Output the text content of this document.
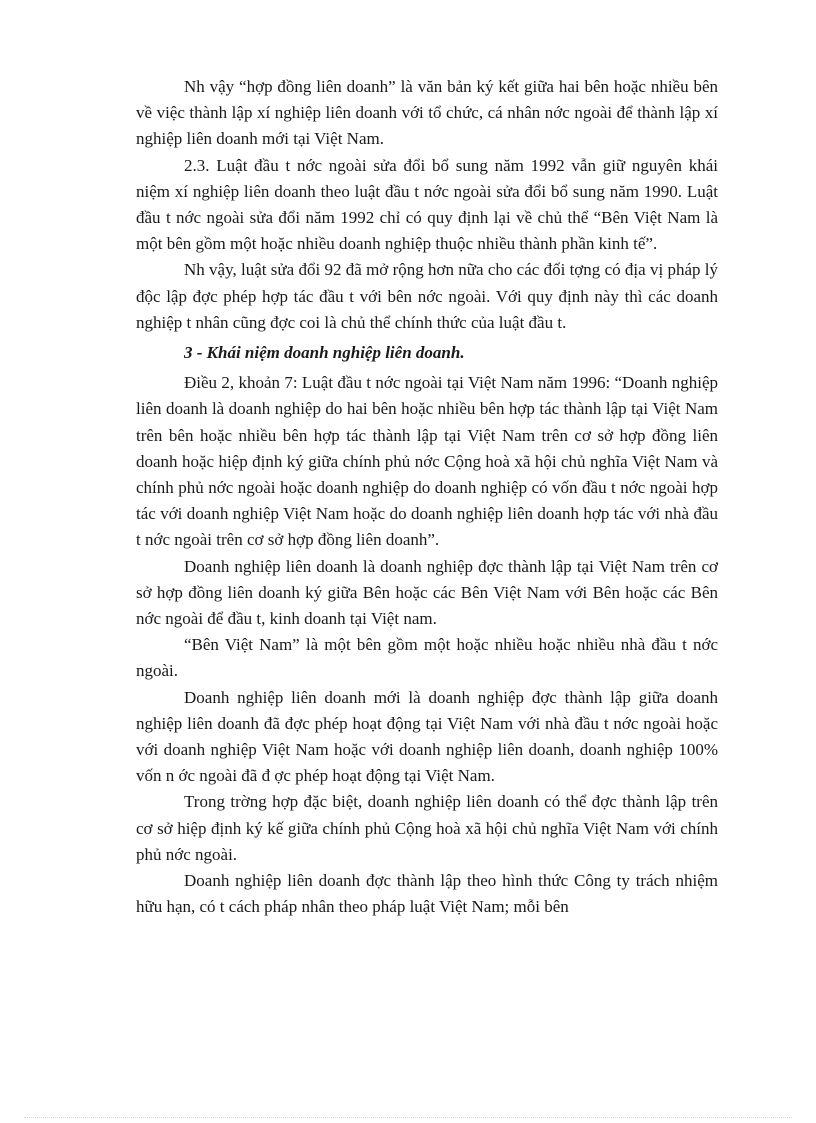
Nh vậy “hợp đồng liên doanh” là văn bản ký kết giữa hai bên hoặc nhiều bên về việc thành lập xí nghiệp liên doanh với tổ chức, cá nhân nớc ngoài để thành lập xí nghiệp liên doanh mới tại Việt Nam.

2.3. Luật đầu t nớc ngoài sửa đổi bổ sung năm 1992 vẫn giữ nguyên khái niệm xí nghiệp liên doanh theo luật đầu t nớc ngoài sửa đổi bổ sung năm 1990. Luật đầu t nớc ngoài sửa đổi năm 1992 chỉ có quy định lại về chủ thể “Bên Việt Nam là một bên gồm một hoặc nhiều doanh nghiệp thuộc nhiều thành phần kinh tế”.

Nh vậy, luật sửa đổi 92 đã mở rộng hơn nữa cho các đối tợng có địa vị pháp lý độc lập đợc phép hợp tác đầu t với bên nớc ngoài. Với quy định này thì các doanh nghiệp t nhân cũng đợc coi là chủ thể chính thức của luật đầu t.

3 - Khái niệm doanh nghiệp liên doanh.

Điều 2, khoản 7: Luật đầu t nớc ngoài tại Việt Nam năm 1996: “Doanh nghiệp liên doanh là doanh nghiệp do hai bên hoặc nhiều bên hợp tác thành lập tại Việt Nam trên bên hoặc nhiều bên hợp tác thành lập tại Việt Nam trên cơ sở hợp đồng liên doanh hoặc hiệp định ký giữa chính phủ nớc Cộng hoà xã hội chủ nghĩa Việt Nam và chính phủ nớc ngoài hoặc doanh nghiệp do doanh nghiệp có vốn đầu t nớc ngoài hợp tác với doanh nghiệp Việt Nam hoặc do doanh nghiệp liên doanh hợp tác với nhà đầu t nớc ngoài trên cơ sở hợp đồng liên doanh”.

Doanh nghiệp liên doanh là doanh nghiệp đợc thành lập tại Việt Nam trên cơ sở hợp đồng liên doanh ký giữa Bên hoặc các Bên Việt Nam với Bên hoặc các Bên nớc ngoài để đầu t, kinh doanh tại Việt nam.

“Bên Việt Nam” là một bên gồm một hoặc nhiều hoặc nhiều nhà đầu t nớc ngoài.

Doanh nghiệp liên doanh mới là doanh nghiệp đợc thành lập giữa doanh nghiệp liên doanh đã đợc phép hoạt động tại Việt Nam với nhà đầu t nớc ngoài hoặc với doanh nghiệp Việt Nam hoặc với doanh nghiệp liên doanh, doanh nghiệp 100% vốn n ớc ngoài đã đ ợc phép hoạt động tại Việt Nam.

Trong trờng hợp đặc biệt, doanh nghiệp liên doanh có thể đợc thành lập trên cơ sở hiệp định ký kế giữa chính phủ Cộng hoà xã hội chủ nghĩa Việt Nam với chính phủ nớc ngoài.

Doanh nghiệp liên doanh đợc thành lập theo hình thức Công ty trách nhiệm hữu hạn, có t cách pháp nhân theo pháp luật Việt Nam; mỗi bên
